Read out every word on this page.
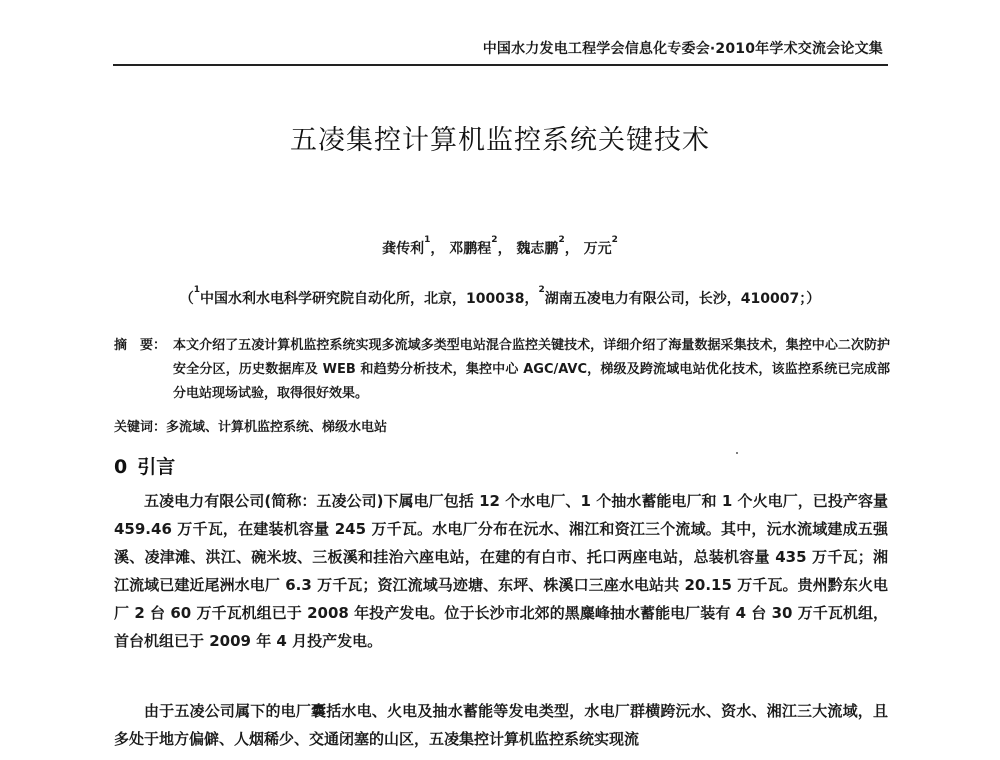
中国水力发电工程学会信息化专委会·2010年学术交流会论文集
五凌集控计算机监控系统关键技术
龚传利$^1$， 邓鹏程$^2$， 魏志鹏$^2$， 万元$^2$
（$^1$中国水利水电科学研究院自动化所，北京，100038，$^2$湖南五凌电力有限公司，长沙，410007；）
摘　要： 本文介绍了五凌计算机监控系统实现多流域多类型电站混合监控关键技术，详细介绍了海量数据采集技术，集控中心二次防护安全分区，历史数据库及 WEB 和趋势分析技术，集控中心 AGC/AVC，梯级及跨流域电站优化技术，该监控系统已完成部分电站现场试验，取得很好效果。
关键词：多流域、计算机监控系统、梯级水电站
0 引言
五凌电力有限公司(简称：五凌公司)下属电厂包括 12 个水电厂、1 个抽水蓄能电厂和 1 个火电厂，已投产容量 459.46 万千瓦，在建装机容量 245 万千瓦。水电厂分布在沅水、湘江和资江三个流域。其中，沅水流域建成五强溪、凌津滩、洪江、碗米坡、三板溪和挂治六座电站，在建的有白市、托口两座电站，总装机容量 435 万千瓦；湘江流域已建近尾洲水电厂 6.3 万千瓦；资江流域马迹塘、东坪、株溪口三座水电站共 20.15 万千瓦。贵州黔东火电厂 2 台 60 万千瓦机组已于 2008 年投产发电。位于长沙市北郊的黑麋峰抽水蓄能电厂装有 4 台 30 万千瓦机组，首台机组已于 2009 年 4 月投产发电。
由于五凌公司属下的电厂囊括水电、火电及抽水蓄能等发电类型，水电厂群横跨沅水、资水、湘江三大流域，且多处于地方偏僻、人烟稀少、交通闭塞的山区，五凌集控计算机监控系统实现流
